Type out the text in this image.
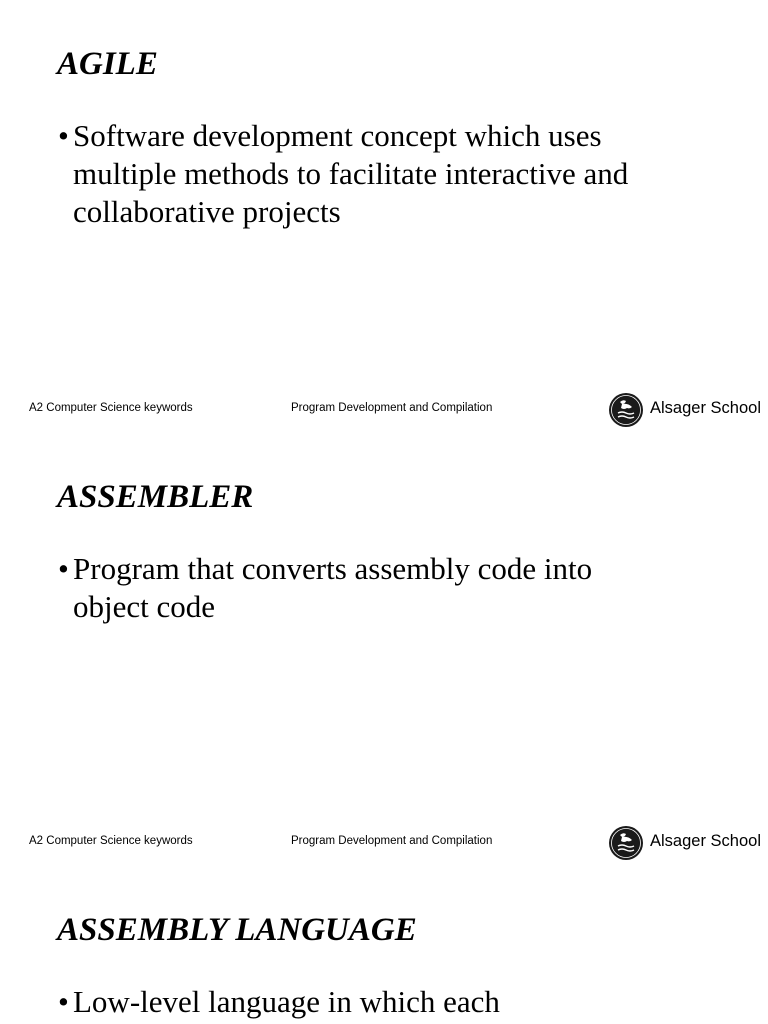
AGILE
• Software development concept which uses
multiple methods to facilitate interactive and
collaborative projects
A2 Computer Science keywords	Program Development and Compilation	Alsager School
ASSEMBLER
• Program that converts assembly code into
object code
A2 Computer Science keywords	Program Development and Compilation	Alsager School
ASSEMBLY LANGUAGE
• Low-level language in which each
